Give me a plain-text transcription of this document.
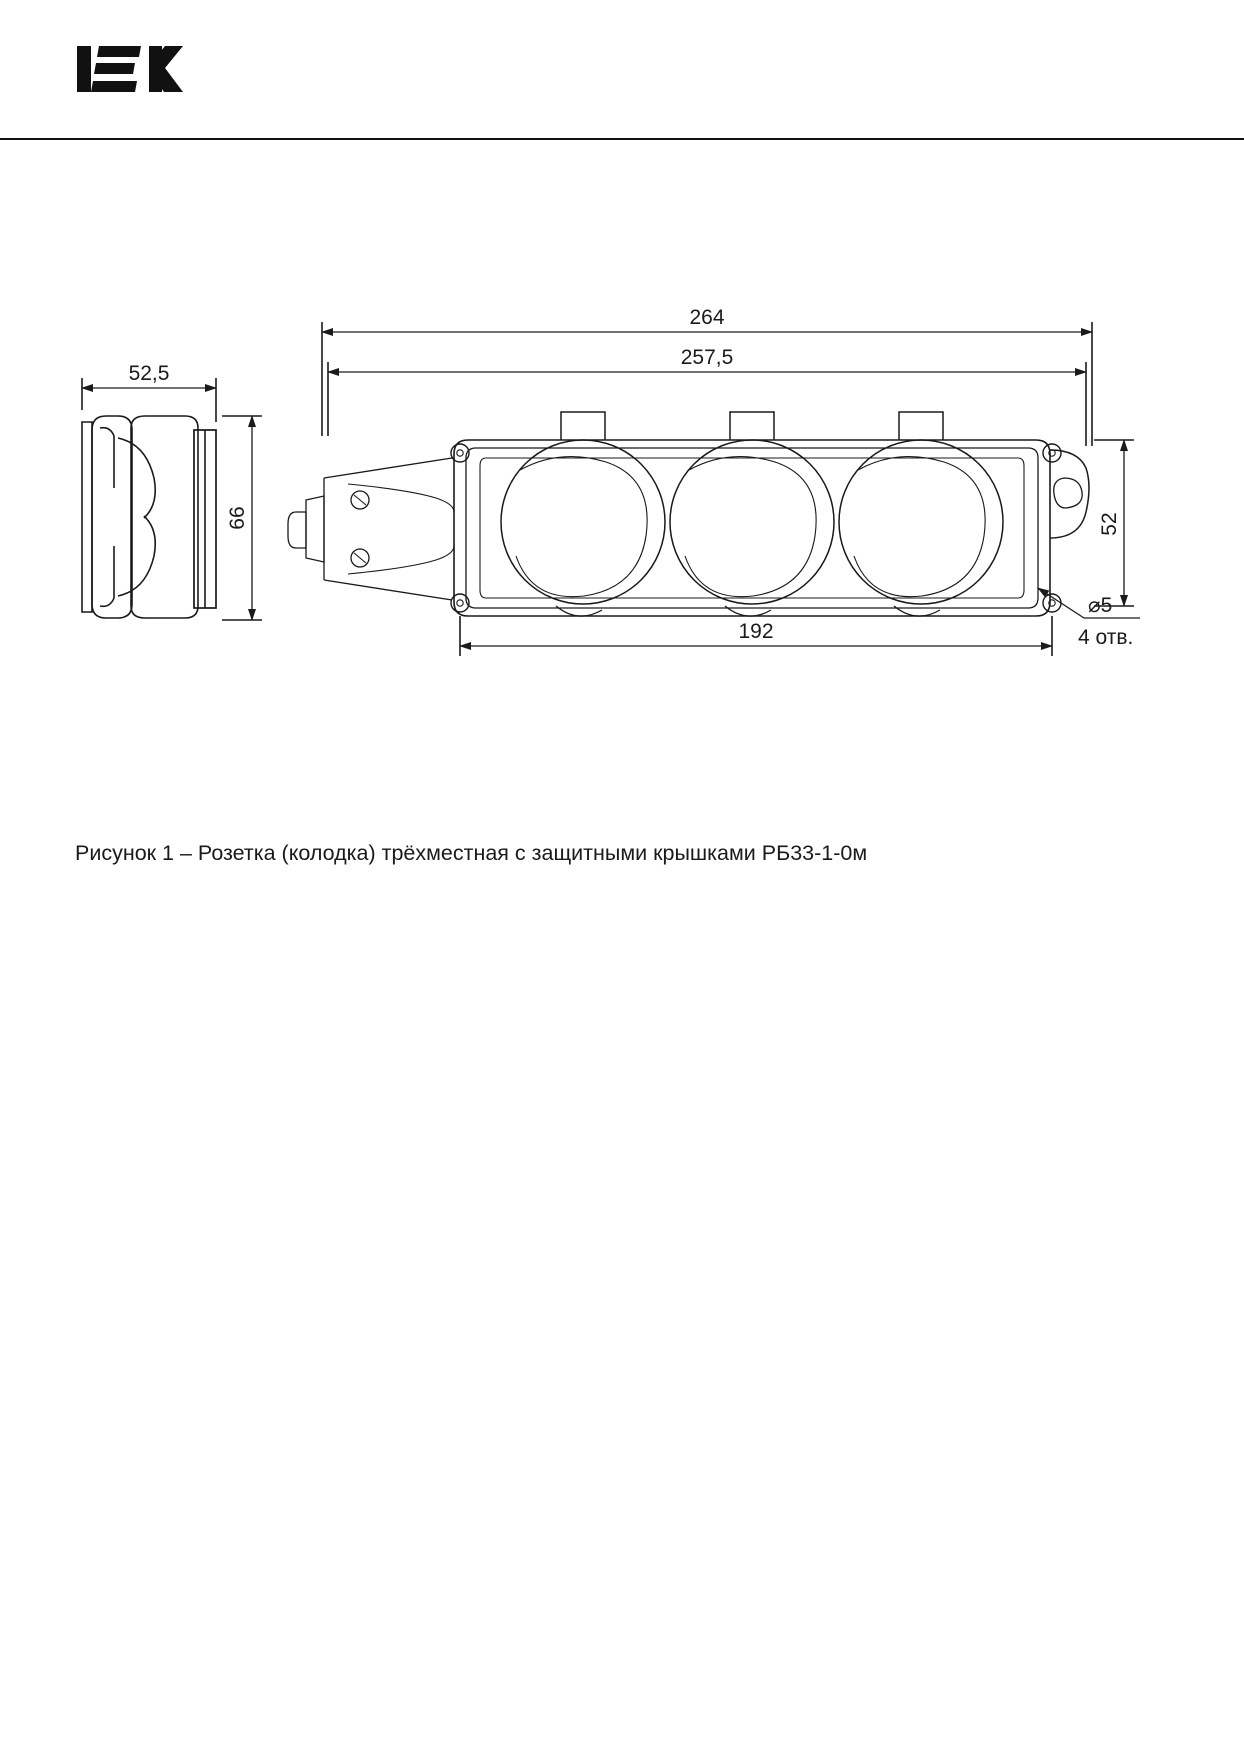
52,5
66
264
257,5
192
52
⌀5
4 отв.
Рисунок 1 – Розетка (колодка) трёхместная с защитными крышками РБ33-1-0м
